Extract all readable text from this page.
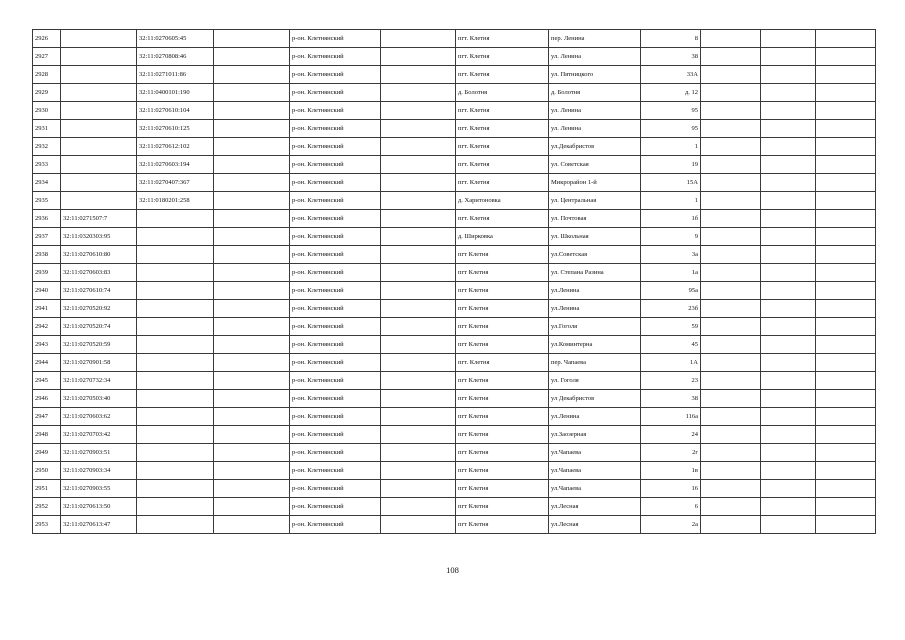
2926		32:11:0270605:45		р-он. Клетнянский		пгт. Клетня	пер. Ленина	8			
2927		32:11:0270808:46		р-он. Клетнянский		пгт. Клетня	ул. Ленина	38			
2928		32:11:0271011:86		р-он. Клетнянский		пгт. Клетня	ул. Пятницкого	33А			
2929		32:11:0400101:190		р-он. Клетнянский		д. Болотня	д. Болотня	д. 12			
2930		32:11:0270610:104		р-он. Клетнянский		пгт. Клетня	ул. Ленина	95			
2931		32:11:0270610:125		р-он. Клетнянский		пгт. Клетня	ул. Ленина	95			
2932		32:11:0270612:102		р-он. Клетнянский		пгт. Клетня	ул.Декабристов	1			
2933		32:11:0270603:194		р-он. Клетнянский		пгт. Клетня	ул. Советская	19			
2934		32:11:0270407:367		р-он. Клетнянский		пгт. Клетня	Микрорайон 1-й	15А			
2935		32:11:0180201:258		р-он. Клетнянский		д. Харитоновка	ул. Центральная	1			
2936	32:11:0271507:7			р-он. Клетнянский		пгт. Клетня	ул. Почтовая	1б			
2937	32:11:0320303:95			р-он. Клетнянский		д. Ширковка	ул. Школьная	9			
2938	32:11:0270610:80			р-он. Клетнянский		пгт Клетня	ул.Советская	3а			
2939	32:11:0270603:83			р-он. Клетнянский		пгт Клетня	ул. Степана Разина	1а			
2940	32:11:0270610:74			р-он. Клетнянский		пгт Клетня	ул.Ленина	95а			
2941	32:11:0270520:92			р-он. Клетнянский		пгт Клетня	ул.Ленина	23б			
2942	32:11:0270520:74			р-он. Клетнянский		пгт Клетня	ул.Гоголя	59			
2943	32:11:0270520:59			р-он. Клетнянский		пгт Клетня	ул.Коминтерна	45			
2944	32:11:0270901:58			р-он. Клетнянский		пгт. Клетня	пер. Чапаева	1А			
2945	32:11:0270732:34			р-он. Клетнянский		пгт Клетня	ул. Гоголя	23			
2946	32:11:0270503:40			р-он. Клетнянский		пгт Клетня	ул Декабристов	38			
2947	32:11:0270603:62			р-он. Клетнянский		пгт Клетня	ул.Ленина	116а			
2948	32:11:0270703:42			р-он. Клетнянский		пгт Клетня	ул.Заозерная	24			
2949	32:11:0270903:51			р-он. Клетнянский		пгт Клетня	ул.Чапаева	2г			
2950	32:11:0270903:34			р-он. Клетнянский		пгт Клетня	ул.Чапаева	1в			
2951	32:11:0270903:55			р-он. Клетнянский		пгт Клетня	ул.Чапаева	16			
2952	32:11:0270613:50			р-он. Клетнянский		пгт Клетня	ул.Лесная	6			
2953	32:11:0270613:47			р-он. Клетнянский		пгт Клетня	ул.Лесная	2а			
108
